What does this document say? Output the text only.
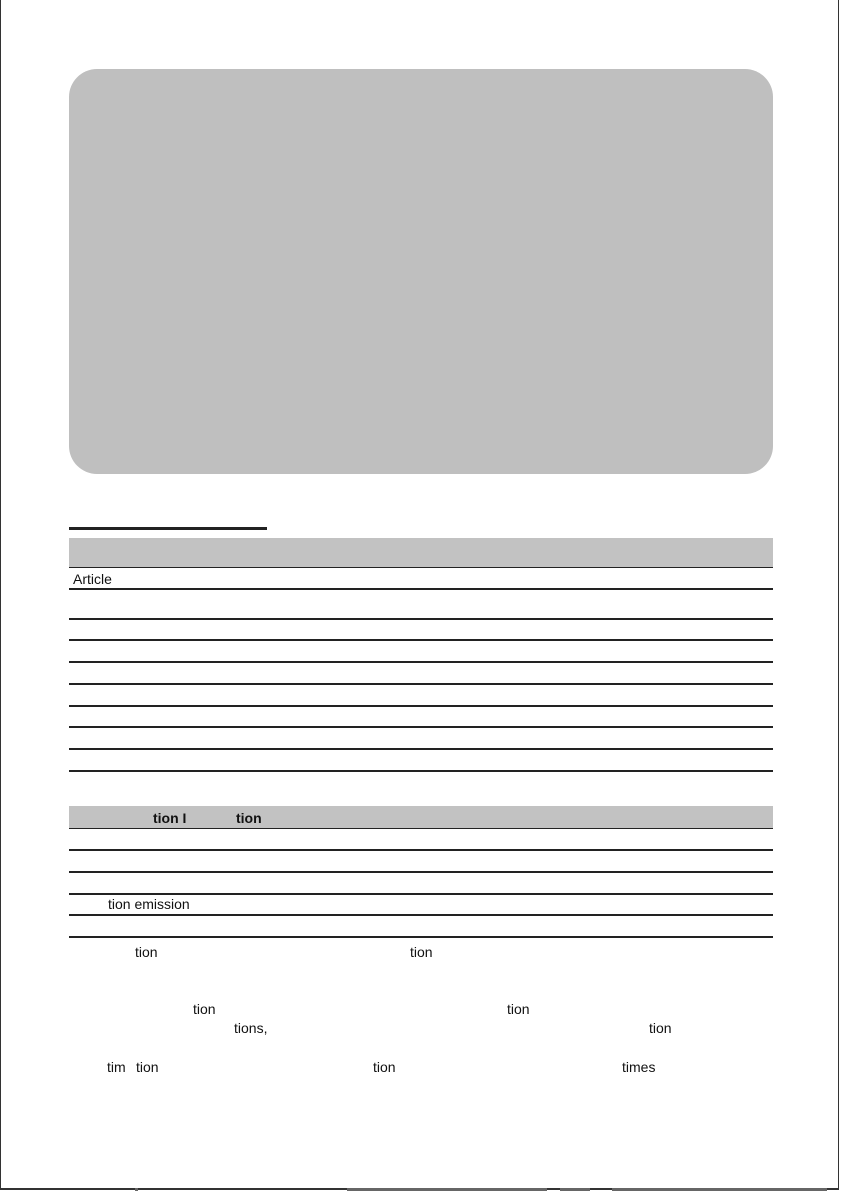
Article
tion I	tion
tion emission
tion	tion
tion	tion
tions,	tion
tim tion	tion	times
